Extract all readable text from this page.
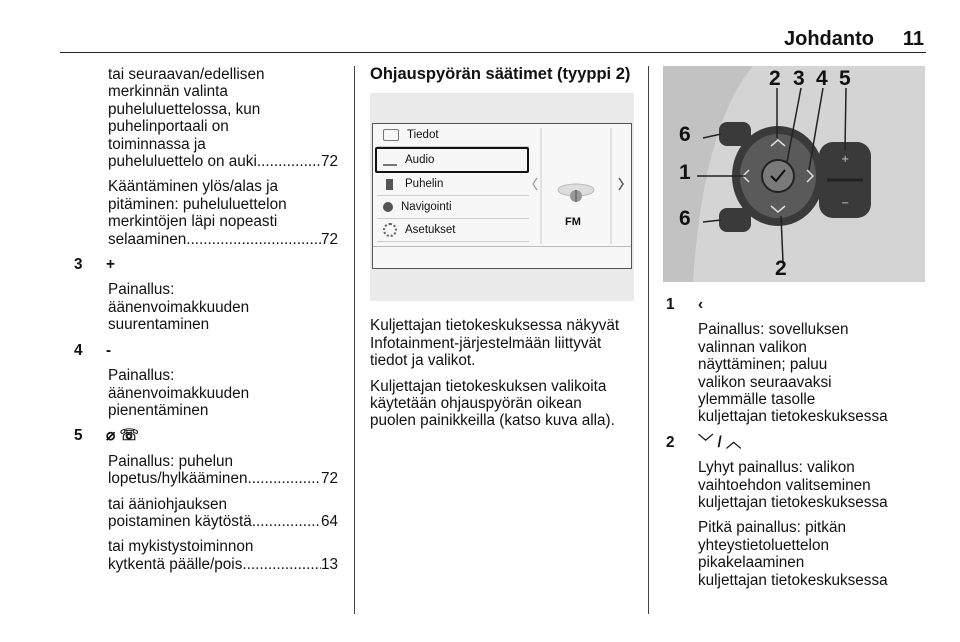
Johdanto 11
tai seuraavan/edellisen
merkinnän valinta
puheluluettelossa, kun
puhelinportaali on
toiminnassa ja
puheluluettelo on auki .....	72
Kääntäminen ylös/alas ja
pitäminen: puheluluettelon
merkintöjen läpi nopeasti
selaaminen .....	72
3	+
Painallus:
äänenvoimakkuuden
suurentaminen
4	-
Painallus:
äänenvoimakkuuden
pienentäminen
5	⌀ ☏
Painallus: puhelun
lopetus/hylkääminen .....	72
tai ääniohjauksen
poistaminen käytöstä .....	64
tai mykistystoiminnon
kytkentä päälle/pois .....	13
Ohjauspyörän säätimet (tyyppi 2)
Tiedot
Audio
Puhelin
Navigointi
Asetukset
FM
Kuljettajan tietokeskuksessa näkyvät
Infotainment-järjestelmään liittyvät
tiedot ja valikot.
Kuljettajan tietokeskuksen valikoita
käytetään ohjauspyörän oikean
puolen painikkeilla (katso kuva alla).
+
−
2 3 4 5
6
1
6
2
1	‹
Painallus: sovelluksen
valinnan valikon
näyttäminen; paluu
valikon seuraavaksi
ylemmälle tasolle
kuljettajan tietokeskuksessa
2	﹀ / ︿
Lyhyt painallus: valikon
vaihtoehdon valitseminen
kuljettajan tietokeskuksessa
Pitkä painallus: pitkän
yhteystietoluettelon
pikakelaaminen
kuljettajan tietokeskuksessa
